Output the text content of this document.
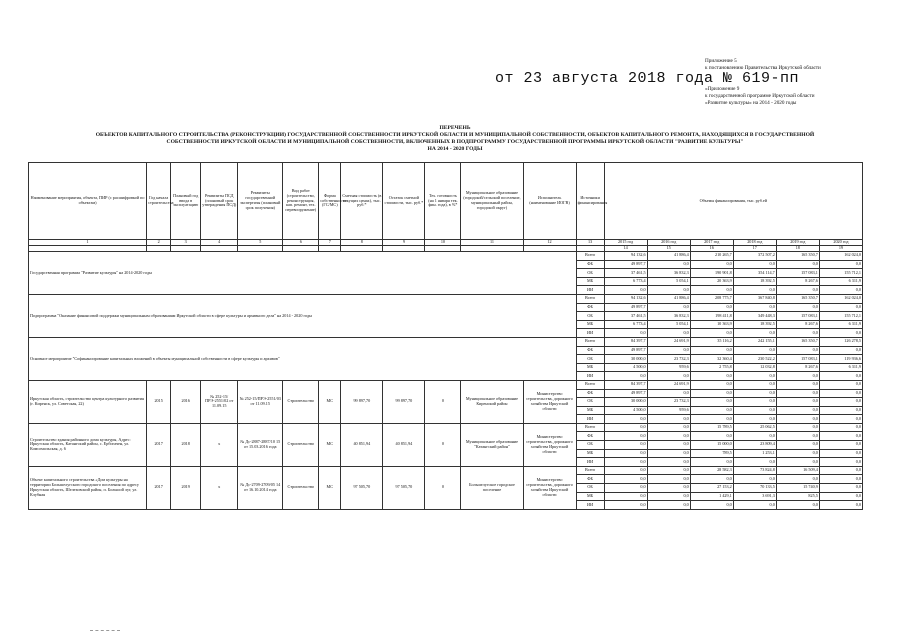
Приложение 5
к постановлению Правительства Иркутской области
«Приложение 9
к государственной программе Иркутской области
«Развитие культуры» на 2014 - 2020 годы
от 23 августа 2018 года № 619-пп
ПЕРЕЧЕНЬ
ОБЪЕКТОВ КАПИТАЛЬНОГО СТРОИТЕЛЬСТВА (РЕКОНСТРУКЦИИ) ГОСУДАРСТВЕННОЙ СОБСТВЕННОСТИ ИРКУТСКОЙ ОБЛАСТИ И МУНИЦИПАЛЬНОЙ СОБСТВЕННОСТИ, ОБЪЕКТОВ КАПИТАЛЬНОГО РЕМОНТА, НАХОДЯЩИХСЯ В ГОСУДАРСТВЕННОЙ
СОБСТВЕННОСТИ ИРКУТСКОЙ ОБЛАСТИ И МУНИЦИПАЛЬНОЙ СОБСТВЕННОСТИ, ВКЛЮЧЕННЫХ В ПОДПРОГРАММУ ГОСУДАРСТВЕННОЙ ПРОГРАММЫ ИРКУТСКОЙ ОБЛАСТИ "РАЗВИТИЕ КУЛЬТУРЫ"
НА 2014 - 2020 ГОДЫ
Наименование мероприятия, объекта, ПИР (с расшифровкой по объектам)	Год начала строительства	Плановый год ввода в эксплуатацию	Реквизиты ПСД (плановый срок утверждения ПСД)	Реквизиты государственной экспертизы (плановый срок получения)	Вид работ (строительство, реконструкция, кап. ремонт, тех. перевооружение)	Форма собственности (ГС/МС)	Сметная стоимость (в текущих ценах), тыс. руб.*	Остаток сметной стоимости, тыс. руб.*	Тех. готовность (на 1 января тек. фин. года), в %*	Муниципальное образование (городской/сельский поселение, муниципальный район, городской округ)	Исполнитель (наименование ИОГВ)	Источники финансирования	Объемы финансирования, тыс. руб.ей					
1	2	3	4	5	6	7	8	9	10	11	12	13	2015 год	2016 год	2017 год	2018 год	2019 год	2020 год
													14	15	16	17	18	19
Государственная программа "Развитие культуры" на 2014-2020 годы												Всего	94 132,6	41 886,4	210 265,7	372 507,2	165 350,7	162 024,0
												ФБ	49 897,7	0,0	0,0	0,0	0,0	0,0
												ОБ	37 461,5	36 832,3	190 901,8	354 114,7	157 083,1	155 712,1
												МБ	6 773,4	5 054,1	20 363,9	18 392,5	8 267,6	6 311,9
												ИИ	0,0	0,0	0,0	0,0	0,0	0,0
Подпрограмма "Оказание финансовой поддержки муниципальным образованиям Иркутской области в сфере культуры и архивного дела" на 2014 - 2020 годы												Всего	94 132,6	41 886,4	208 775,7	367 840,8	165 350,7	162 024,0
												ФБ	49 897,7	0,0	0,0	0,0	0,0	0,0
												ОБ	37 461,5	36 832,3	198 411,8	349 448,3	157 083,1	155 712,1
												МБ	6 773,4	5 054,1	10 363,9	18 392,5	8 267,6	6 311,9
												ИИ	0,0	0,0	0,0	0,0	0,0	0,0
Основное мероприятие "Софинансирование капитальных вложений в объекты муниципальной собственности в сфере культуры и архивов"												Всего	84 397,7	24 691,9	35 116,2	242 155,1	165 350,7	126 278,5
												ФБ	49 897,7	0,0	0,0	0,0	0,0	0,0
												ОБ	30 000,0	23 732,3	32 360,4	230 522,2	157 083,1	119 936,6
												МБ	4 500,0	959,6	2 755,8	12 032,8	8 267,6	6 311,9
												ИИ	0,0	0,0	0,0	0,0	0,0	0,0
Иркутская область, строительство центра культурного развития (г. Киренск, ул. Советская, 22)	2015	2016	№ 252-15/ПРЭ-2551/02 от 11.09.15	№ 252-15/ПРЭ-2551/03 от 11.09.15	Строительство	МС	99 897,70	99 897,70	0	Муниципальное образование Киренский район	Министерство строительства, дорожного хозяйства Иркутской области	Всего	84 397,7	24 691,9	0,0	0,0	0,0	0,0
												ФБ	49 897,7	0,0	0,0	0,0	0,0	0,0
												ОБ	30 000,0	23 732,3	0,0	0,0	0,0	0,0
												МБ	4 500,0	959,6	0,0	0,0	0,0	0,0
												ИИ	0,0	0,0	0,0	0,0	0,0	0,0
Строительство здания районного дома культуры, Адрес: Иркутская область, Катангский район, с. Ербогачен, ул. Комсомольская, д. 6	2017	2018	х	№ Дс-2887-2887/10 15 от 15.03.2016 года	Строительство	МС	40 851,94	40 851,94	0	Муниципальное образование "Катангский район"	Министерство строительства, дорожного хозяйства Иркутской области	Всего	0,0	0,0	15 789,5	25 062,5	0,0	0,0
												ФБ	0,0	0,0	0,0	0,0	0,0	0,0
												ОБ	0,0	0,0	15 000,0	23 809,4	0,0	0,0
												МБ	0,0	0,0	789,5	1 253,1	0,0	0,0
												ИИ	0,0	0,0	0,0	0,0	0,0	0,0
Объект капитального строительства «Дом культуры на территории Большелугского городского поселения по адресу Иркутская область, Шелеховский район, п. Большой луг, ул. Клубная	2017	2019	х	№ Дс-2709-2709/05 14 от 16.10.2014 года	Строительство	МС	97 505,70	97 505,70	0	Большелугское городское поселение	Министерство строительства, дорожного хозяйства Иркутской области	Всего	0,0	0,0	28 582,3	73 824,8	16 509,4	0,0
												ФБ	0,0	0,0	0,0	0,0	0,0	0,0
												ОБ	0,0	0,0	27 153,2	70 133,5	15 740,9	0,0
												МБ	0,0	0,0	1 429,1	3 691,3	825,5	0,0
												ИИ	0,0	0,0	0,0	0,0	0,0	0,0
